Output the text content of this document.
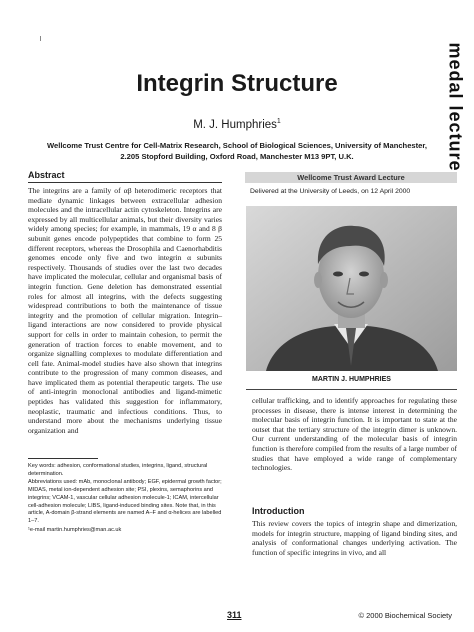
medal lecture
Integrin Structure
M. J. Humphries$^1$
Wellcome Trust Centre for Cell-Matrix Research, School of Biological Sciences, University of Manchester, 2.205 Stopford Building, Oxford Road, Manchester M13 9PT, U.K.
Abstract

The integrins are a family of αβ heterodimeric receptors that mediate dynamic linkages between extracellular adhesion molecules and the intracellular actin cytoskeleton. Integrins are expressed by all multicellular animals, but their diversity varies widely among species; for example, in mammals, 19 α and 8 β subunit genes encode polypeptides that combine to form 25 different receptors, whereas the Drosophila and Caenorhabditis genomes encode only five and two integrin α subunits respectively. Thousands of studies over the last two decades have implicated the molecular, cellular and organismal basis of integrin function. Gene deletion has demonstrated essential roles for almost all integrins, with the defects suggesting widespread contributions to both the maintenance of tissue integrity and the promotion of cellular migration. Integrin–ligand interactions are now considered to provide physical support for cells in order to maintain cohesion, to permit the generation of traction forces to enable movement, and to organize signalling complexes to modulate differentiation and cell fate. Animal-model studies have also shown that integrins contribute to the progression of many common diseases, and have implicated them as potential therapeutic targets. The use of anti-integrin monoclonal antibodies and ligand-mimetic peptides has validated this suggestion for inflammatory, neoplastic, traumatic and infectious conditions. Thus, to understand more about the mechanisms underlying tissue organization and

Key words: adhesion, conformational studies, integrins, ligand, structural determination.

Abbreviations used: mAb, monoclonal antibody; EGF, epidermal growth factor; MIDAS, metal ion-dependent adhesion site; PSI, plexins, semaphorins and integrins; VCAM-1, vascular cellular adhesion molecule-1; ICAM, intercellular cell-adhesion molecule; LIBS, ligand-induced binding sites. Note that, in this article, A-domain β-strand elements are named A–F and α-helices are labelled 1–7.

¹e-mail martin.humphries@man.ac.uk

Wellcome Trust Award Lecture
Delivered at the University of Leeds, on 12 April 2000
MARTIN J. HUMPHRIES

cellular trafficking, and to identify approaches for regulating these processes in disease, there is intense interest in determining the molecular basis of integrin function. It is important to state at the outset that the tertiary structure of the integrin dimer is unknown. Our current understanding of the molecular basis of integrin function is therefore compiled from the results of a large number of studies that have employed a wide range of complementary technologies.

Introduction

This review covers the topics of integrin shape and dimerization, models for integrin structure, mapping of ligand binding sites, and analysis of conformational changes underlying activation. The function of specific integrins in vivo, and all

311	© 2000 Biochemical Society
